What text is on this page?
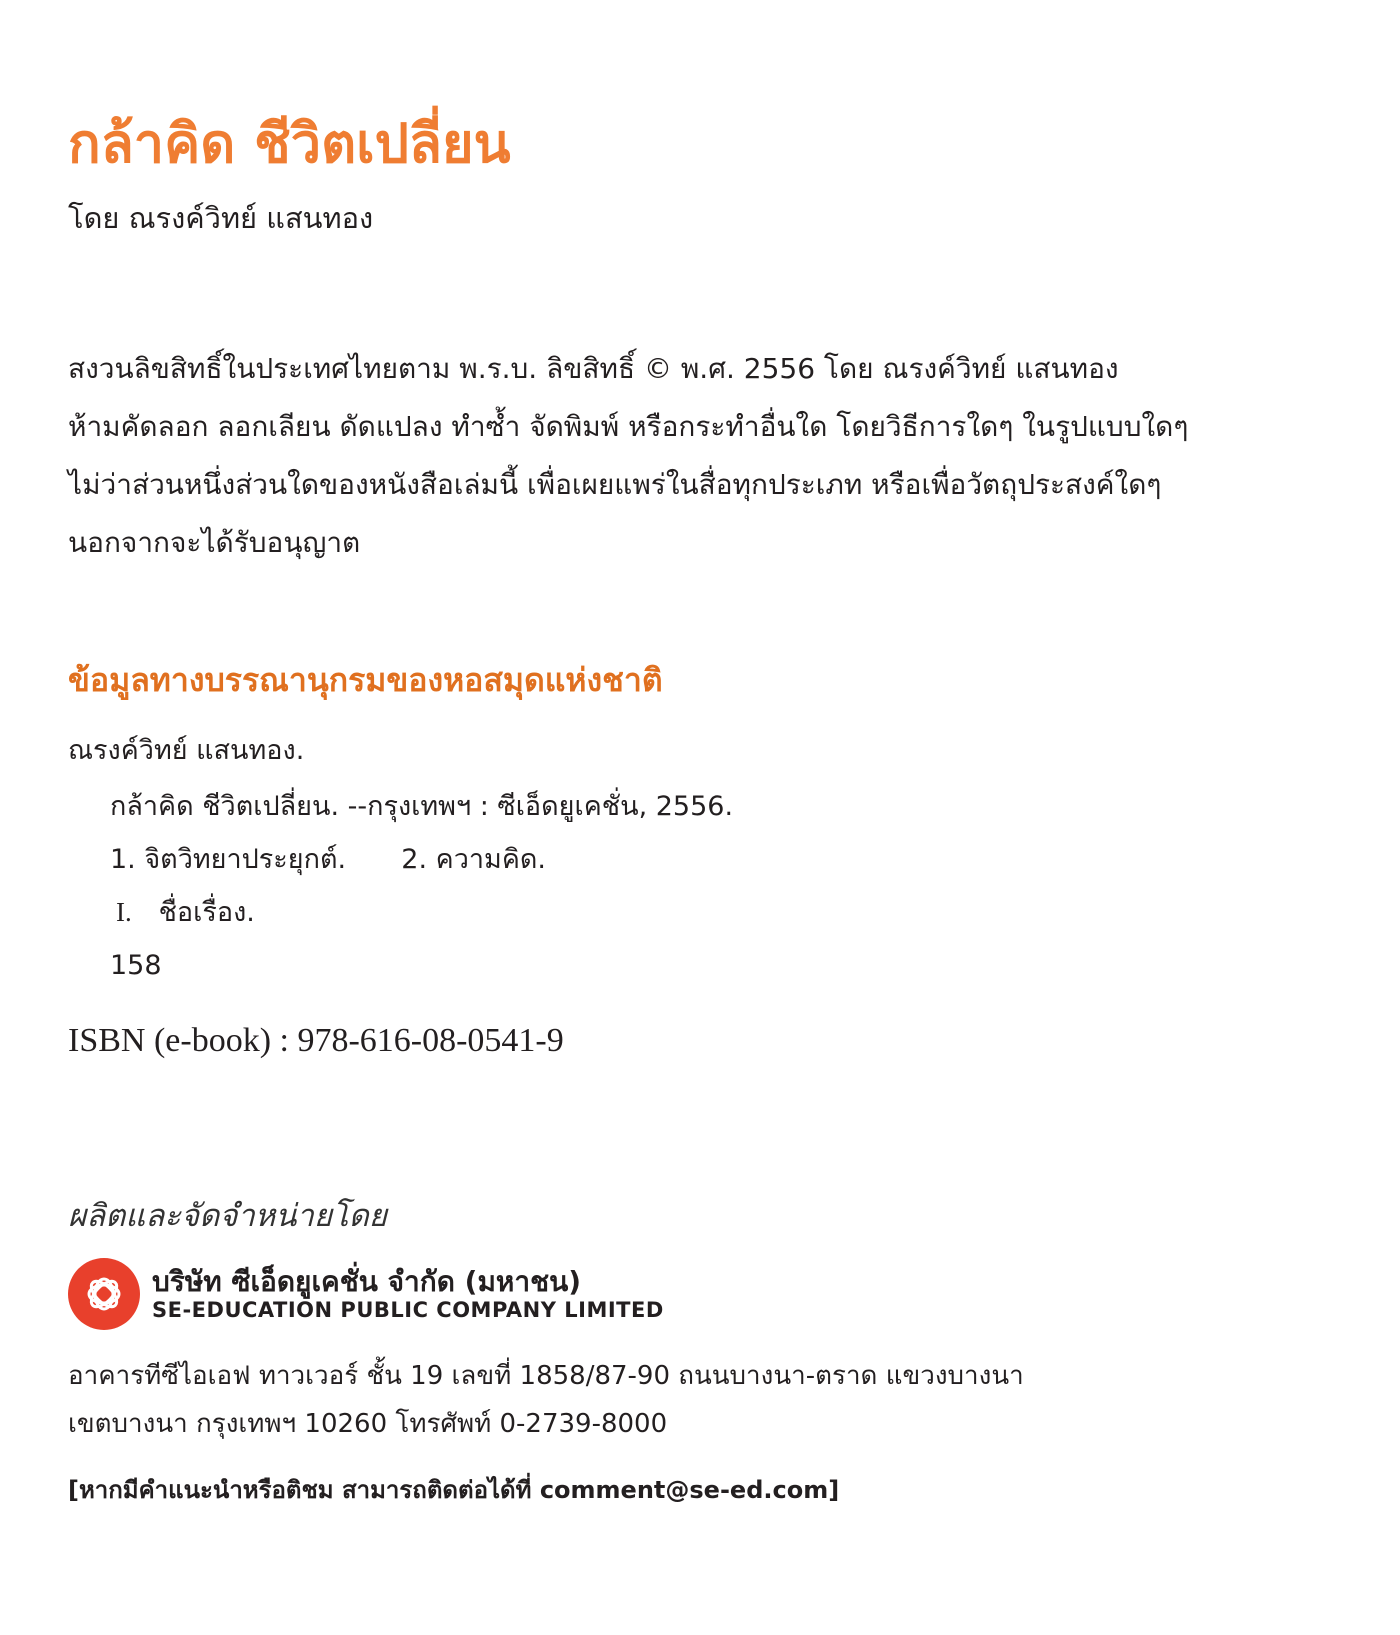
กล้าคิด ชีวิตเปลี่ยน
โดย ณรงค์วิทย์ แสนทอง
สงวนลิขสิทธิ์ในประเทศไทยตาม พ.ร.บ. ลิขสิทธิ์ © พ.ศ. 2556 โดย ณรงค์วิทย์ แสนทอง
ห้ามคัดลอก ลอกเลียน ดัดแปลง ทำซ้ำ จัดพิมพ์ หรือกระทำอื่นใด โดยวิธีการใดๆ ในรูปแบบใดๆ
ไม่ว่าส่วนหนึ่งส่วนใดของหนังสือเล่มนี้ เพื่อเผยแพร่ในสื่อทุกประเภท หรือเพื่อวัตถุประสงค์ใดๆ
นอกจากจะได้รับอนุญาต
ข้อมูลทางบรรณานุกรมของหอสมุดแห่งชาติ
ณรงค์วิทย์ แสนทอง.
กล้าคิด ชีวิตเปลี่ยน. --กรุงเทพฯ : ซีเอ็ดยูเคชั่น, 2556.
1. จิตวิทยาประยุกต์. 2. ความคิด.
I. ชื่อเรื่อง.
158
ISBN (e-book) : 978-616-08-0541-9
ผลิตและจัดจำหน่ายโดย
บริษัท ซีเอ็ดยูเคชั่น จำกัด (มหาชน)
SE-EDUCATION PUBLIC COMPANY LIMITED
อาคารทีซีไอเอฟ ทาวเวอร์ ชั้น 19 เลขที่ 1858/87-90 ถนนบางนา-ตราด แขวงบางนา
เขตบางนา กรุงเทพฯ 10260 โทรศัพท์ 0-2739-8000
[หากมีคำแนะนำหรือติชม สามารถติดต่อได้ที่ comment@se-ed.com]
